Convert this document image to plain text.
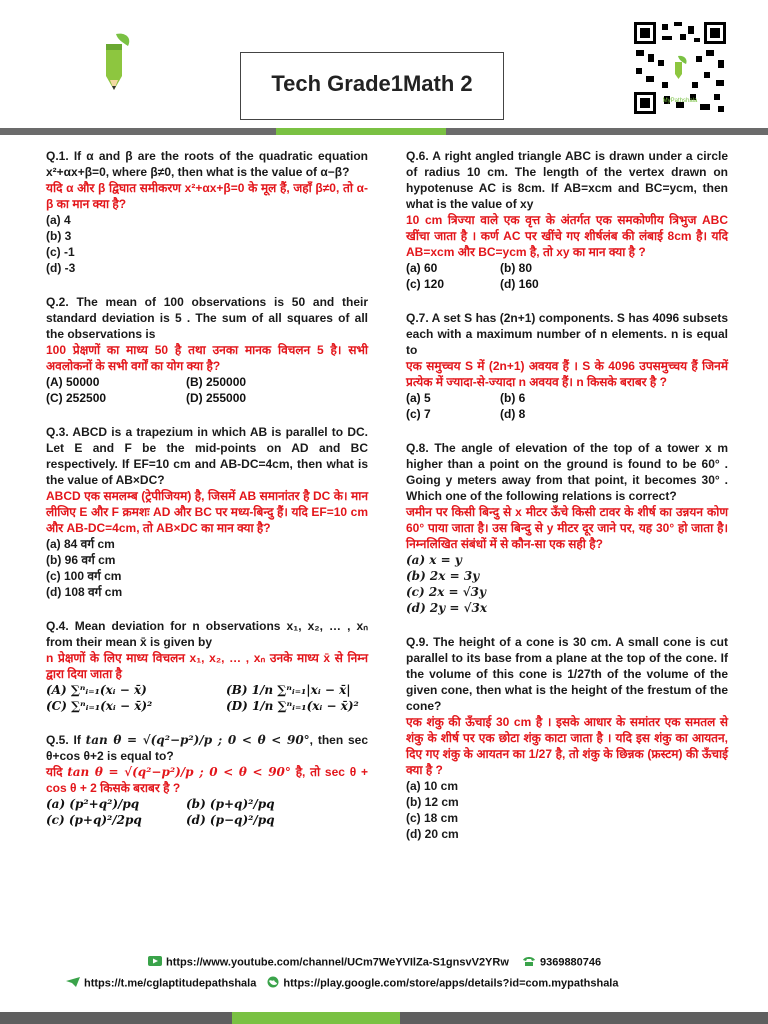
Tech Grade1Math 2
MyPathshala
Q.1. If α and β are the roots of the quadratic equation x²+αx+β=0, where β≠0, then what is the value of α−β?
यदि α और β द्विघात समीकरण x²+αx+β=0 के मूल हैं, जहाँ β≠0, तो α-β का मान क्या है?
(a) 4
(b) 3
(c) -1
(d) -3
Q.2. The mean of 100 observations is 50 and their standard deviation is 5 . The sum of all squares of all the observations is
100 प्रेक्षणों का माध्य 50 है तथा उनका मानक विचलन 5 है। सभी अवलोकनों के सभी वर्गों का योग क्या है?
(A) 50000	(B) 250000
(C) 252500	(D) 255000
Q.3. ABCD is a trapezium in which AB is parallel to DC. Let E and F be the mid-points on AD and BC respectively. If EF=10 cm and AB-DC=4cm, then what is the value of AB×DC?
ABCD एक समलम्ब (ट्रेपीजियम) है, जिसमें AB समानांतर है DC के। मान लीजिए E और F क्रमशः AD और BC पर मध्य-बिन्दु हैं। यदि EF=10 cm और AB-DC=4cm, तो AB×DC का मान क्या है?
(a) 84 वर्ग cm
(b) 96 वर्ग cm
(c) 100 वर्ग cm
(d) 108 वर्ग cm
Q.4. Mean deviation for n observations x₁, x₂, … , xₙ from their mean x̄ is given by
n प्रेक्षणों के लिए माध्य विचलन x₁, x₂, … , xₙ उनके माध्य x̄ से निम्न द्वारा दिया जाता है
(A) ∑ⁿᵢ₌₁(xᵢ − x̄)	(B) 1/n ∑ⁿᵢ₌₁|xᵢ − x̄|
(C) ∑ⁿᵢ₌₁(xᵢ − x̄)²	(D) 1/n ∑ⁿᵢ₌₁(xᵢ − x̄)²
Q.5. If tan θ = √(q²−p²)/p ; 0 < θ < 90°, then sec θ+cos θ+2 is equal to?
यदि tan θ = √(q²−p²)/p ; 0 < θ < 90° है, तो sec θ + cos θ + 2 किसके बराबर है ?
(a) (p²+q²)/pq	(b) (p+q)²/pq
(c) (p+q)²/2pq	(d) (p−q)²/pq
Q.6. A right angled triangle ABC is drawn under a circle of radius 10 cm. The length of the vertex drawn on hypotenuse AC is 8cm. If AB=xcm and BC=ycm, then what is the value of xy
10 cm त्रिज्या वाले एक वृत्त के अंतर्गत एक समकोणीय त्रिभुज ABC खींचा जाता है । कर्ण AC पर खींचे गए शीर्षलंब की लंबाई 8cm है। यदि AB=xcm और BC=ycm है, तो xy का मान क्या है ?
(a) 60	(b) 80
(c) 120	(d) 160
Q.7. A set S has (2n+1) components. S has 4096 subsets each with a maximum number of n elements. n is equal to
एक समुच्चय S में (2n+1) अवयव हैं । S के 4096 उपसमुच्चय हैं जिनमें प्रत्येक में ज्यादा-से-ज्यादा n अवयव हैं। n किसके बराबर है ?
(a) 5	(b) 6
(c) 7	(d) 8
Q.8. The angle of elevation of the top of a tower x m higher than a point on the ground is found to be 60° . Going y meters away from that point, it becomes 30° . Which one of the following relations is correct?
जमीन पर किसी बिन्दु से x मीटर ऊँचे किसी टावर के शीर्ष का उन्नयन कोण 60° पाया जाता है। उस बिन्दु से y मीटर दूर जाने पर, यह 30° हो जाता है। निम्नलिखित संबंधों में से कौन-सा एक सही है?
(a) x = y
(b) 2x = 3y
(c) 2x = √3y
(d) 2y = √3x
Q.9. The height of a cone is 30 cm. A small cone is cut parallel to its base from a plane at the top of the cone. If the volume of this cone is 1/27th of the volume of the given cone, then what is the height of the frestum of the cone?
एक शंकु की ऊँचाई 30 cm है । इसके आधार के समांतर एक समतल से शंकु के शीर्ष पर एक छोटा शंकु काटा जाता है । यदि इस शंकु का आयतन, दिए गए शंकु के आयतन का 1/27 है, तो शंकु के छिन्नक (फ्रस्टम) की ऊँचाई क्या है ?
(a) 10 cm
(b) 12 cm
(c) 18 cm
(d) 20 cm
https://www.youtube.com/channel/UCm7WeYVIlZa-S1gnsvV2YRw	9369880746
https://t.me/cglaptitudepathshala https://play.google.com/store/apps/details?id=com.mypathshala
